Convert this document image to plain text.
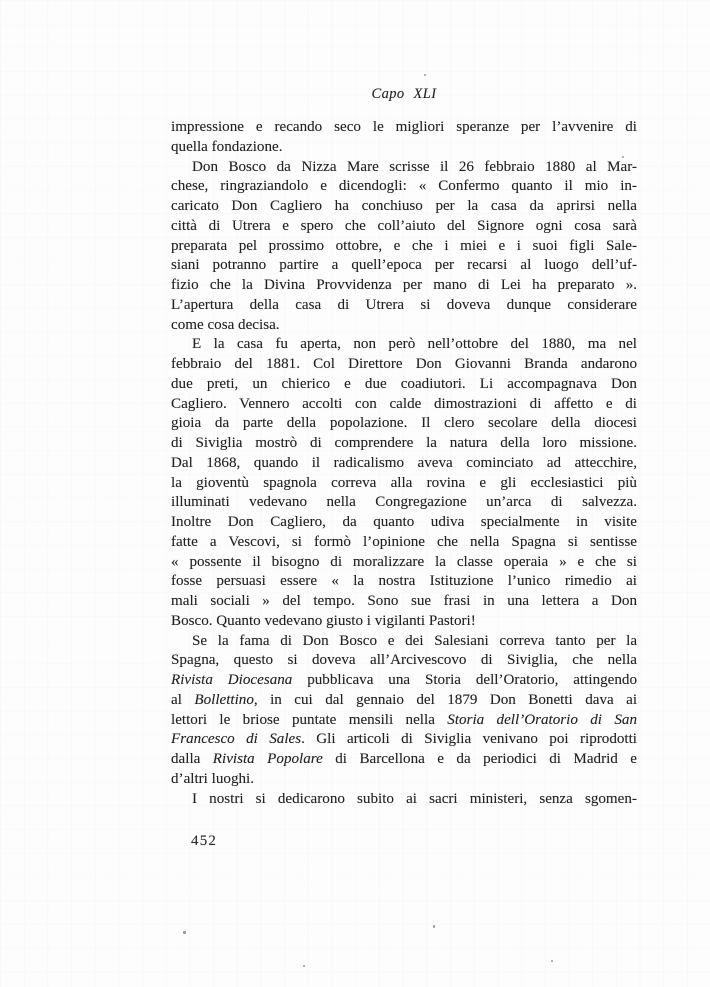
Capo XLI
impressione e recando seco le migliori speranze per l’avvenire di
quella fondazione.
Don Bosco da Nizza Mare scrisse il 26 febbraio 1880 al Mar-
chese, ringraziandolo e dicendogli: « Confermo quanto il mio in-
caricato Don Cagliero ha conchiuso per la casa da aprirsi nella
città di Utrera e spero che coll’aiuto del Signore ogni cosa sarà
preparata pel prossimo ottobre, e che i miei e i suoi figli Sale-
siani potranno partire a quell’epoca per recarsi al luogo dell’uf-
fizio che la Divina Provvidenza per mano di Lei ha preparato ».
L’apertura della casa di Utrera si doveva dunque considerare
come cosa decisa.
E la casa fu aperta, non però nell’ottobre del 1880, ma nel
febbraio del 1881. Col Direttore Don Giovanni Branda andarono
due preti, un chierico e due coadiutori. Li accompagnava Don
Cagliero. Vennero accolti con calde dimostrazioni di affetto e di
gioia da parte della popolazione. Il clero secolare della diocesi
di Siviglia mostrò di comprendere la natura della loro missione.
Dal 1868, quando il radicalismo aveva cominciato ad attecchire,
la gioventù spagnola correva alla rovina e gli ecclesiastici più
illuminati vedevano nella Congregazione un’arca di salvezza.
Inoltre Don Cagliero, da quanto udiva specialmente in visite
fatte a Vescovi, si formò l’opinione che nella Spagna si sentisse
« possente il bisogno di moralizzare la classe operaia » e che si
fosse persuasi essere « la nostra Istituzione l’unico rimedio ai
mali sociali » del tempo. Sono sue frasi in una lettera a Don
Bosco. Quanto vedevano giusto i vigilanti Pastori!
Se la fama di Don Bosco e dei Salesiani correva tanto per la
Spagna, questo si doveva all’Arcivescovo di Siviglia, che nella
Rivista Diocesana pubblicava una Storia dell’Oratorio, attingendo
al Bollettino, in cui dal gennaio del 1879 Don Bonetti dava ai
lettori le briose puntate mensili nella Storia dell’Oratorio di San
Francesco di Sales. Gli articoli di Siviglia venivano poi riprodotti
dalla Rivista Popolare di Barcellona e da periodici di Madrid e
d’altri luoghi.
I nostri si dedicarono subito ai sacri ministeri, senza sgomen-
452
